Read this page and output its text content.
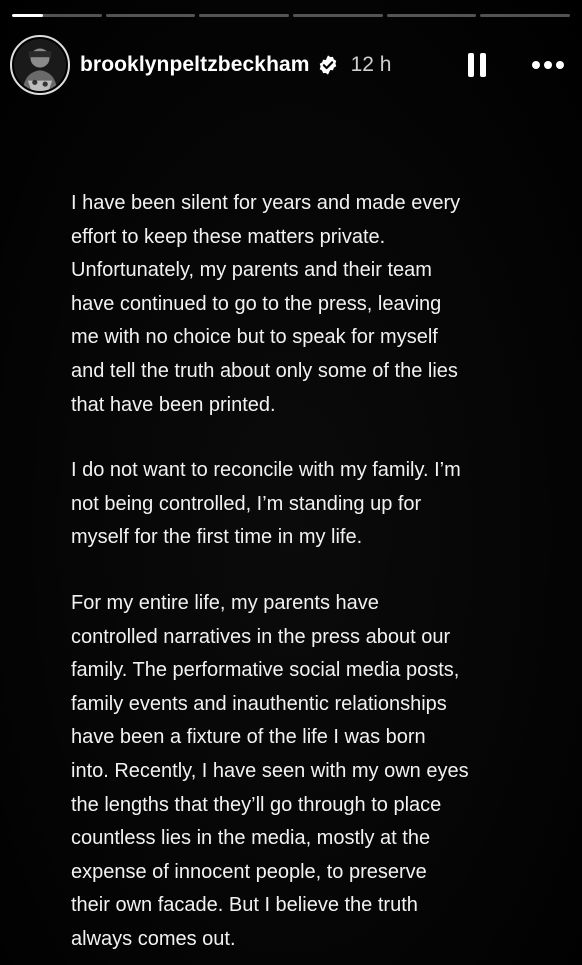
brooklynpeltzbeckham 12 h

I have been silent for years and made every
effort to keep these matters private.
Unfortunately, my parents and their team
have continued to go to the press, leaving
me with no choice but to speak for myself
and tell the truth about only some of the lies
that have been printed.

I do not want to reconcile with my family. I’m
not being controlled, I’m standing up for
myself for the first time in my life.

For my entire life, my parents have
controlled narratives in the press about our
family. The performative social media posts,
family events and inauthentic relationships
have been a fixture of the life I was born
into. Recently, I have seen with my own eyes
the lengths that they’ll go through to place
countless lies in the media, mostly at the
expense of innocent people, to preserve
their own facade. But I believe the truth
always comes out.
